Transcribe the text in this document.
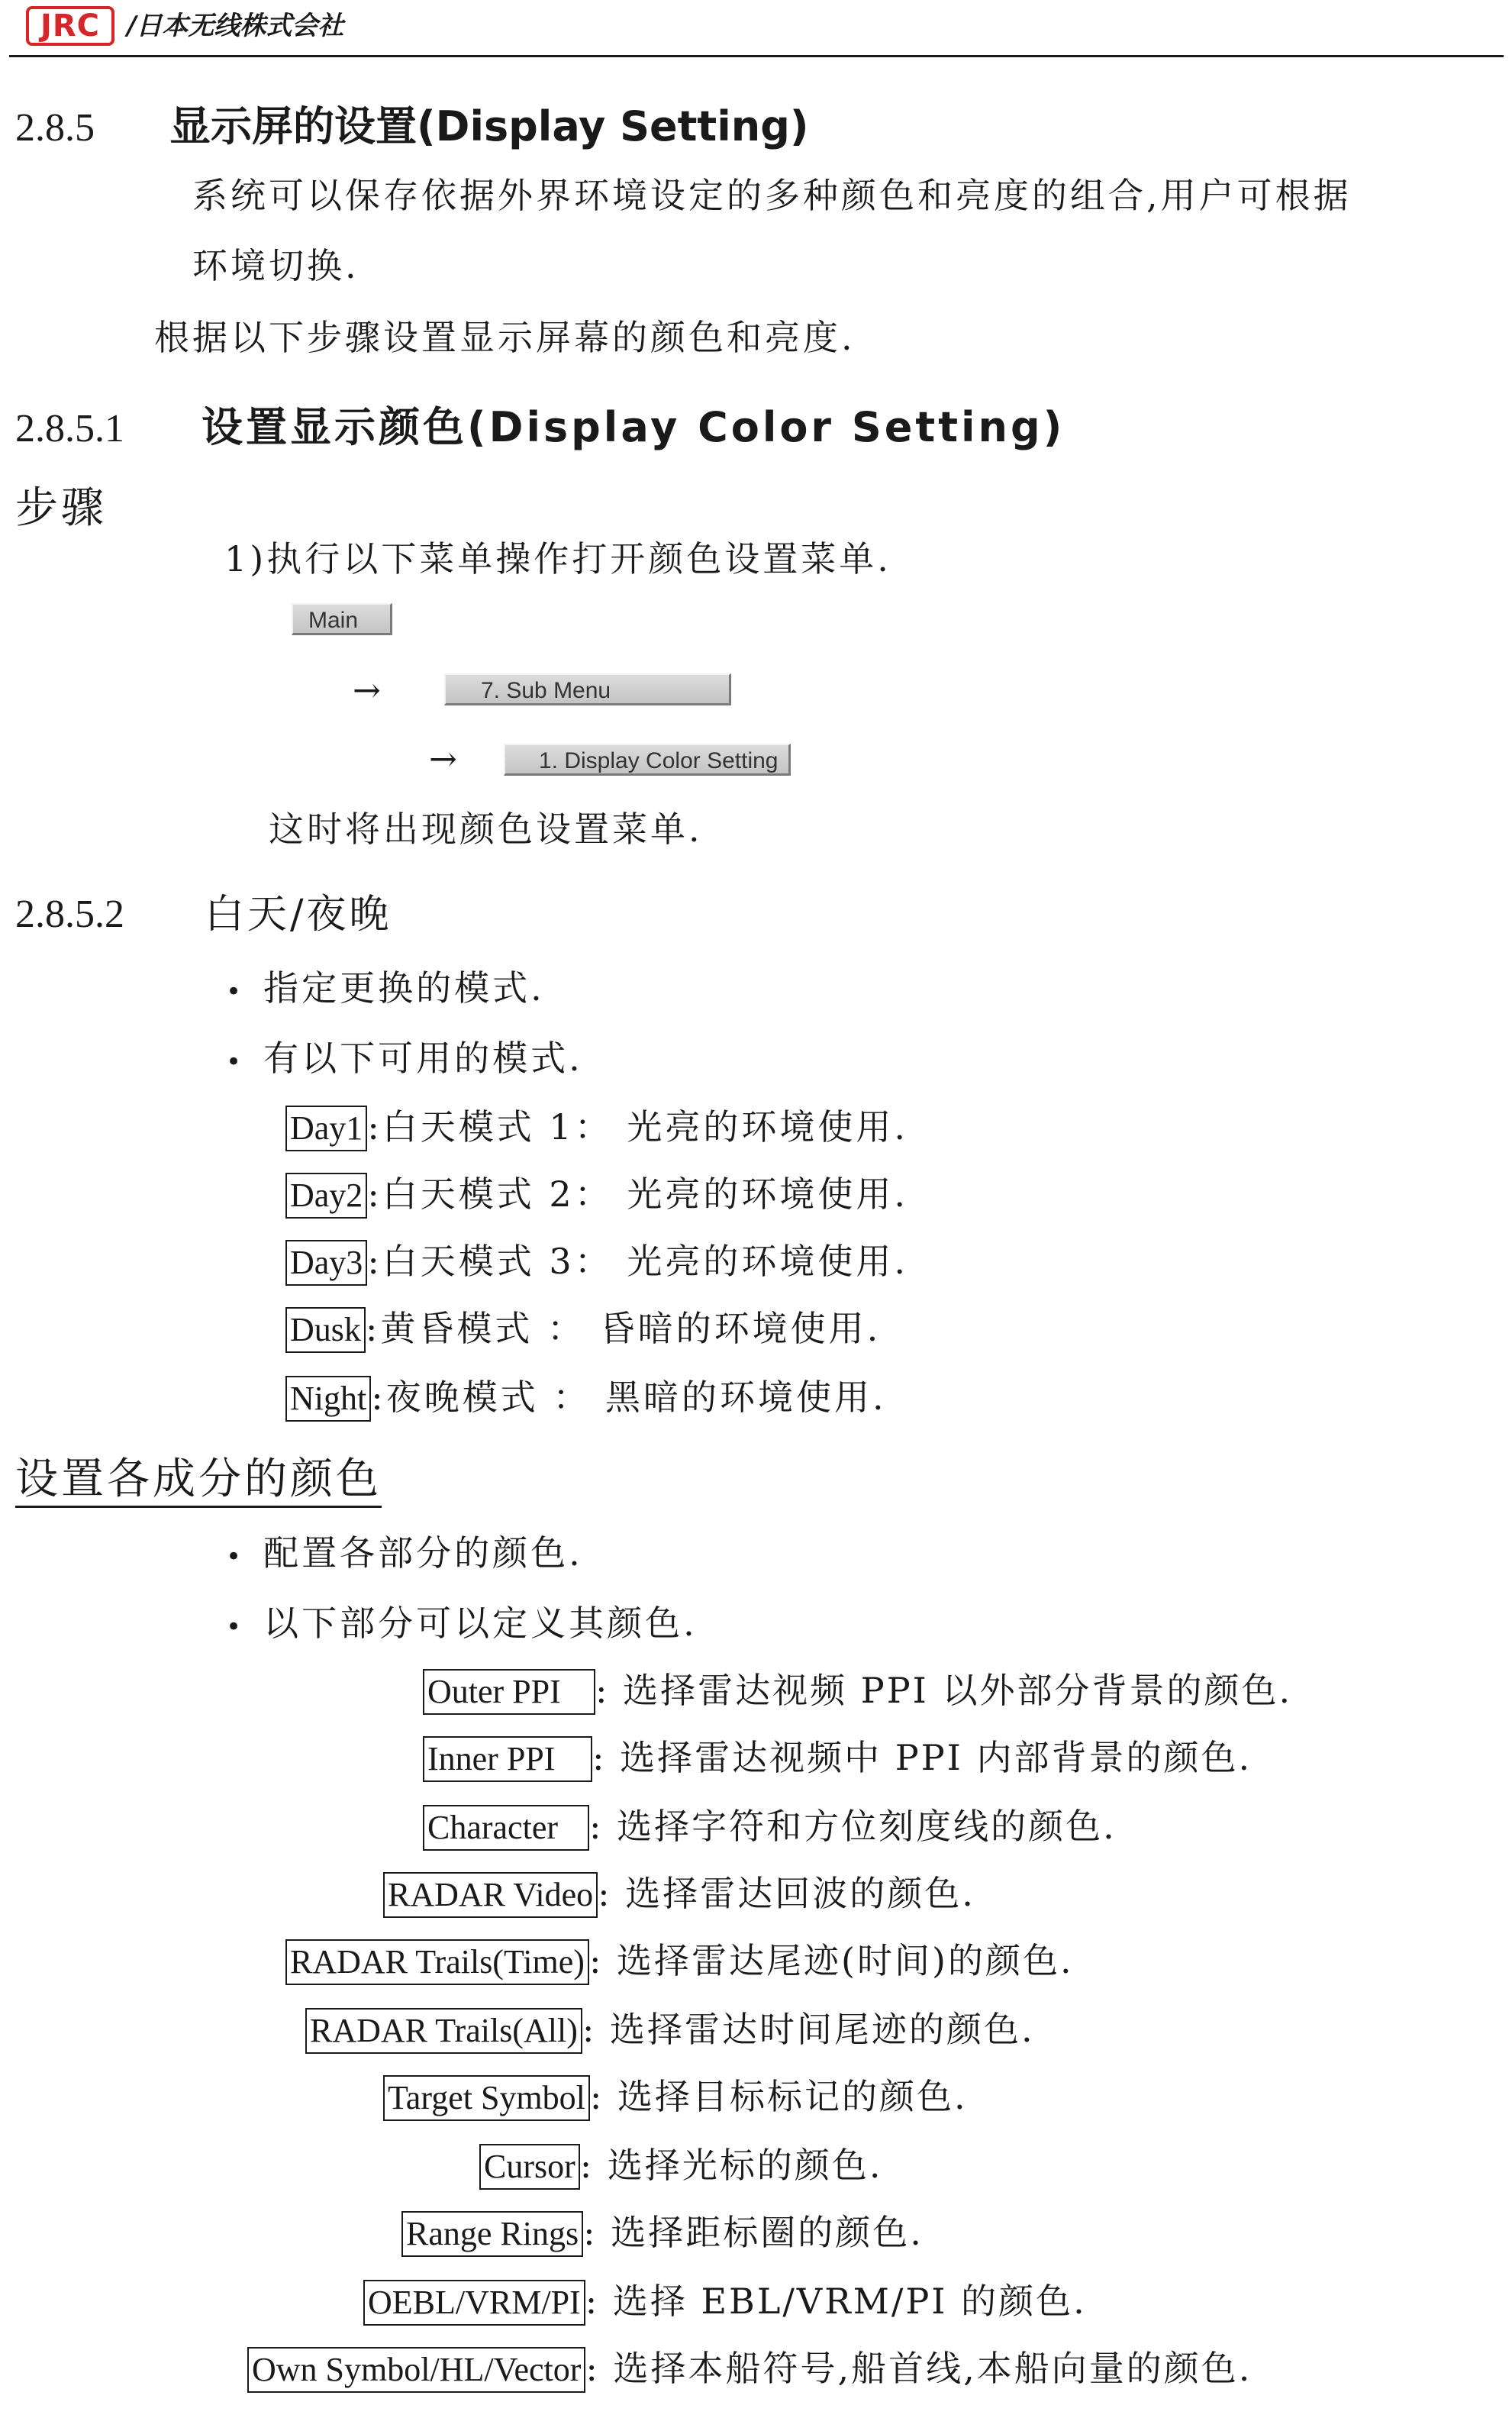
JRC	/日本无线株式会社
2.8.5 显示屏的设置(Display Setting)
系统可以保存依据外界环境设定的多种颜色和亮度的组合,用户可根据
环境切换.
根据以下步骤设置显示屏幕的颜色和亮度.
2.8.5.1 设置显示颜色(Display Color Setting)
步骤
1)执行以下菜单操作打开颜色设置菜单.
Main
→	7. Sub Menu
→	1. Display Color Setting
这时将出现颜色设置菜单.
2.8.5.2 白天/夜晚
• 指定更换的模式.
• 有以下可用的模式.
Day1 :白天模式 1： 光亮的环境使用.
Day2 :白天模式 2： 光亮的环境使用.
Day3 :白天模式 3： 光亮的环境使用.
Dusk :黄昏模式 ： 昏暗的环境使用.
Night :夜晚模式 ： 黑暗的环境使用.
设置各成分的颜色
• 配置各部分的颜色.
• 以下部分可以定义其颜色.
Outer PPI : 选择雷达视频 PPI 以外部分背景的颜色.
Inner PPI : 选择雷达视频中 PPI 内部背景的颜色.
Character : 选择字符和方位刻度线的颜色.
RADAR Video : 选择雷达回波的颜色.
RADAR Trails(Time) : 选择雷达尾迹(时间)的颜色.
RADAR Trails(All) : 选择雷达时间尾迹的颜色.
Target Symbol : 选择目标标记的颜色.
Cursor : 选择光标的颜色.
Range Rings : 选择距标圈的颜色.
OEBL/VRM/PI : 选择 EBL/VRM/PI 的颜色.
Own Symbol/HL/Vector : 选择本船符号,船首线,本船向量的颜色.
